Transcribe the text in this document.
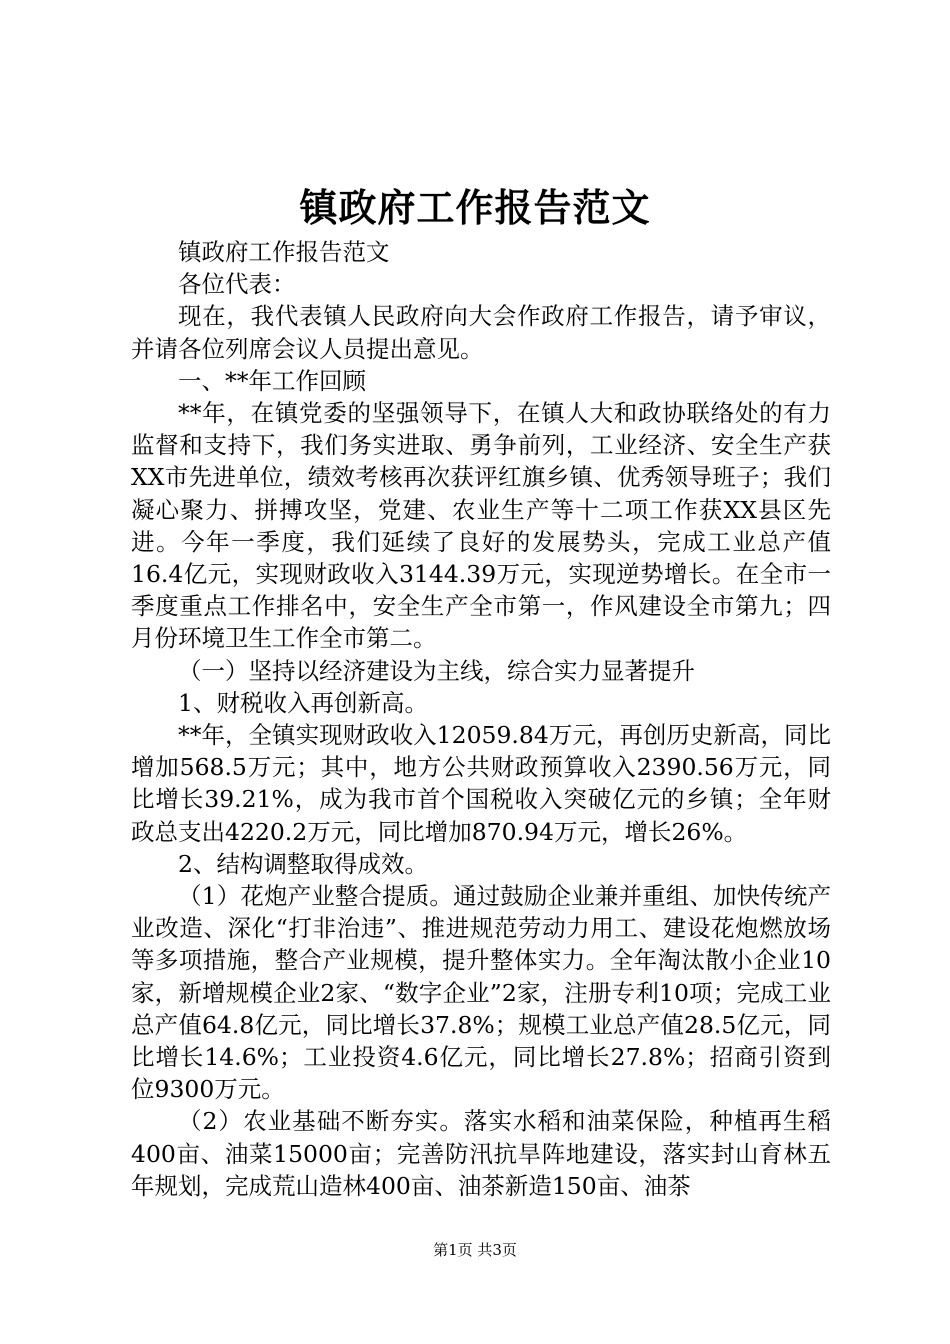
镇政府工作报告范文

镇政府工作报告范文

各位代表：

现在，我代表镇人民政府向大会作政府工作报告，请予审议，并请各位列席会议人员提出意见。

一、**年工作回顾

**年，在镇党委的坚强领导下，在镇人大和政协联络处的有力监督和支持下，我们务实进取、勇争前列，工业经济、安全生产获XX市先进单位，绩效考核再次获评红旗乡镇、优秀领导班子；我们凝心聚力、拼搏攻坚，党建、农业生产等十二项工作获XX县区先进。今年一季度，我们延续了良好的发展势头，完成工业总产值16.4亿元，实现财政收入3144.39万元，实现逆势增长。在全市一季度重点工作排名中，安全生产全市第一，作风建设全市第九；四月份环境卫生工作全市第二。

（一）坚持以经济建设为主线，综合实力显著提升

1、财税收入再创新高。

**年，全镇实现财政收入12059.84万元，再创历史新高，同比增加568.5万元；其中，地方公共财政预算收入2390.56万元，同比增长39.21%，成为我市首个国税收入突破亿元的乡镇；全年财政总支出4220.2万元，同比增加870.94万元，增长26%。

2、结构调整取得成效。

（1）花炮产业整合提质。通过鼓励企业兼并重组、加快传统产业改造、深化“打非治违”、推进规范劳动力用工、建设花炮燃放场等多项措施，整合产业规模，提升整体实力。全年淘汰散小企业10家，新增规模企业2家、“数字企业”2家，注册专利10项；完成工业总产值64.8亿元，同比增长37.8%；规模工业总产值28.5亿元，同比增长14.6%；工业投资4.6亿元，同比增长27.8%；招商引资到位9300万元。

（2）农业基础不断夯实。落实水稻和油菜保险，种植再生稻400亩、油菜15000亩；完善防汛抗旱阵地建设，落实封山育林五年规划，完成荒山造林400亩、油茶新造150亩、油茶

第1页 共3页
